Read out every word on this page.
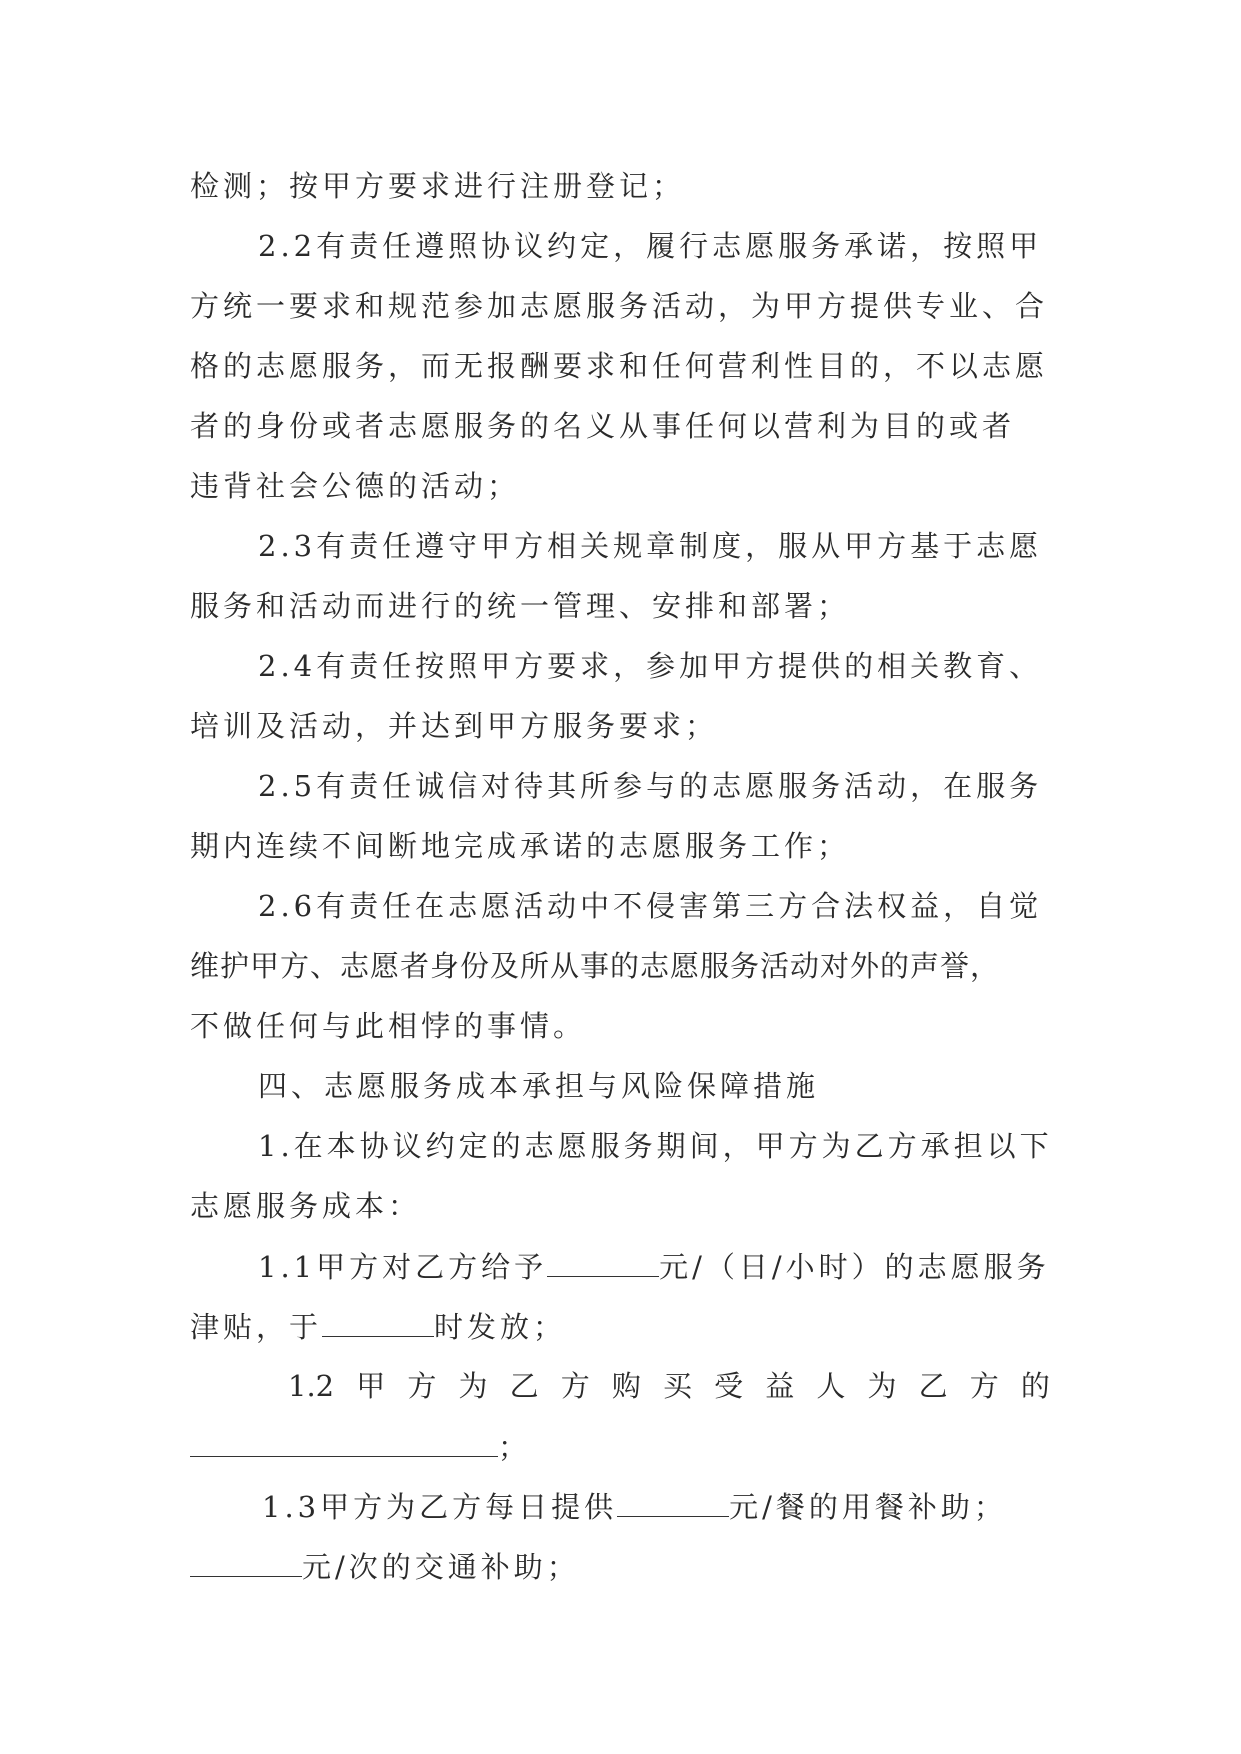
检测；按甲方要求进行注册登记；
2.2有责任遵照协议约定，履行志愿服务承诺，按照甲
方统一要求和规范参加志愿服务活动，为甲方提供专业、合
格的志愿服务，而无报酬要求和任何营利性目的，不以志愿
者的身份或者志愿服务的名义从事任何以营利为目的或者
违背社会公德的活动；
2.3有责任遵守甲方相关规章制度，服从甲方基于志愿
服务和活动而进行的统一管理、安排和部署；
2.4有责任按照甲方要求，参加甲方提供的相关教育、
培训及活动，并达到甲方服务要求；
2.5有责任诚信对待其所参与的志愿服务活动，在服务
期内连续不间断地完成承诺的志愿服务工作；
2.6有责任在志愿活动中不侵害第三方合法权益，自觉
维护甲方、志愿者身份及所从事的志愿服务活动对外的声誉，
不做任何与此相悖的事情。
四、志愿服务成本承担与风险保障措施
1.在本协议约定的志愿服务期间，甲方为乙方承担以下
志愿服务成本：
1.1甲方对乙方给予	元/（日/小时）的志愿服务
津贴，于	时发放；
1.2 甲 方 为 乙 方 购 买 受 益 人 为 乙 方 的
；
1.3甲方为乙方每日提供	元/餐的用餐补助；
元/次的交通补助；
